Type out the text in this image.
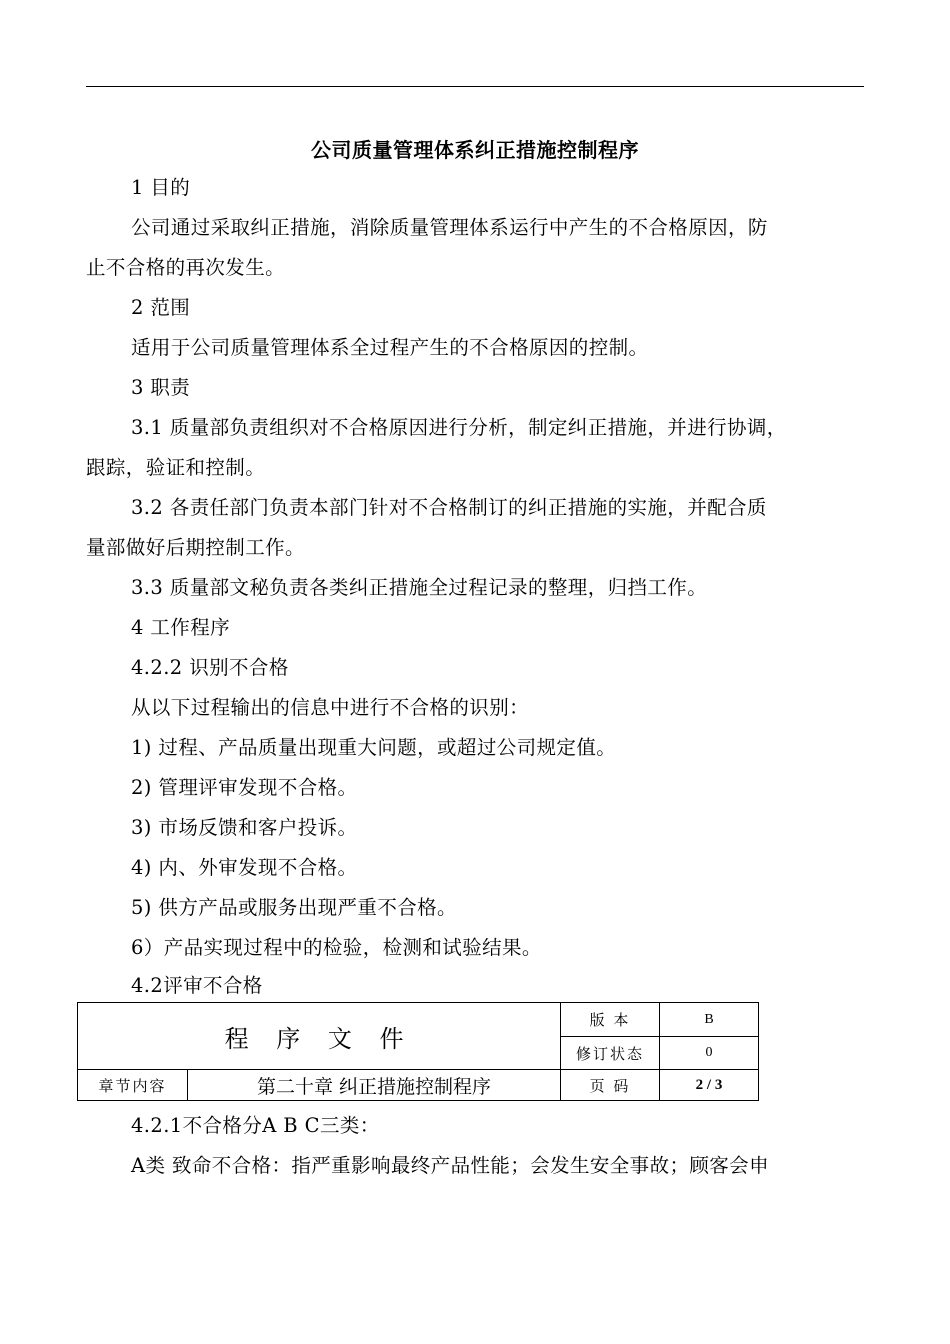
公司质量管理体系纠正措施控制程序
1 目的
公司通过采取纠正措施，消除质量管理体系运行中产生的不合格原因，防
止不合格的再次发生。
2 范围
适用于公司质量管理体系全过程产生的不合格原因的控制。
3 职责
3.1 质量部负责组织对不合格原因进行分析，制定纠正措施，并进行协调，
跟踪，验证和控制。
3.2 各责任部门负责本部门针对不合格制订的纠正措施的实施，并配合质
量部做好后期控制工作。
3.3 质量部文秘负责各类纠正措施全过程记录的整理，归挡工作。
4 工作程序
4.2.2 识别不合格
从以下过程输出的信息中进行不合格的识别：
1) 过程、产品质量出现重大问题，或超过公司规定值。
2) 管理评审发现不合格。
3) 市场反馈和客户投诉。
4) 内、外审发现不合格。
5) 供方产品或服务出现严重不合格。
6）产品实现过程中的检验，检测和试验结果。
4.2评审不合格
程 序 文 件		版 本	B
		修订状态	0
章节内容	第二十章 纠正措施控制程序	页 码	2 / 3
4.2.1不合格分A B C三类：
A类 致命不合格：指严重影响最终产品性能；会发生安全事故；顾客会申
